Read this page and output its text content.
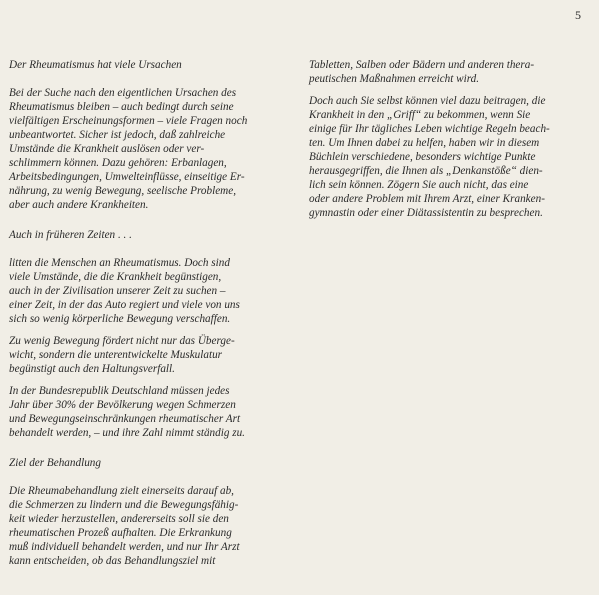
5

Der Rheumatismus hat viele Ursachen

Bei der Suche nach den eigentlichen Ursachen des
Rheumatismus bleiben – auch bedingt durch seine
vielfältigen Erscheinungsformen – viele Fragen noch
unbeantwortet. Sicher ist jedoch, daß zahlreiche
Umstände die Krankheit auslösen oder ver-
schlimmern können. Dazu gehören: Erbanlagen,
Arbeitsbedingungen, Umwelteinflüsse, einseitige Er-
nährung, zu wenig Bewegung, seelische Probleme,
aber auch andere Krankheiten.

Auch in früheren Zeiten . . .

litten die Menschen an Rheumatismus. Doch sind
viele Umstände, die die Krankheit begünstigen,
auch in der Zivilisation unserer Zeit zu suchen –
einer Zeit, in der das Auto regiert und viele von uns
sich so wenig körperliche Bewegung verschaffen.

Zu wenig Bewegung fördert nicht nur das Überge-
wicht, sondern die unterentwickelte Muskulatur
begünstigt auch den Haltungsverfall.

In der Bundesrepublik Deutschland müssen jedes
Jahr über 30% der Bevölkerung wegen Schmerzen
und Bewegungseinschränkungen rheumatischer Art
behandelt werden, – und ihre Zahl nimmt ständig zu.

Ziel der Behandlung

Die Rheumabehandlung zielt einerseits darauf ab,
die Schmerzen zu lindern und die Bewegungsfähig-
keit wieder herzustellen, andererseits soll sie den
rheumatischen Prozeß aufhalten. Die Erkrankung
muß individuell behandelt werden, und nur Ihr Arzt
kann entscheiden, ob das Behandlungsziel mit

Tabletten, Salben oder Bädern und anderen thera-
peutischen Maßnahmen erreicht wird.

Doch auch Sie selbst können viel dazu beitragen, die
Krankheit in den „Griff“ zu bekommen, wenn Sie
einige für Ihr tägliches Leben wichtige Regeln beach-
ten. Um Ihnen dabei zu helfen, haben wir in diesem
Büchlein verschiedene, besonders wichtige Punkte
herausgegriffen, die Ihnen als „Denkanstöße“ dien-
lich sein können. Zögern Sie auch nicht, das eine
oder andere Problem mit Ihrem Arzt, einer Kranken-
gymnastin oder einer Diätassistentin zu besprechen.
